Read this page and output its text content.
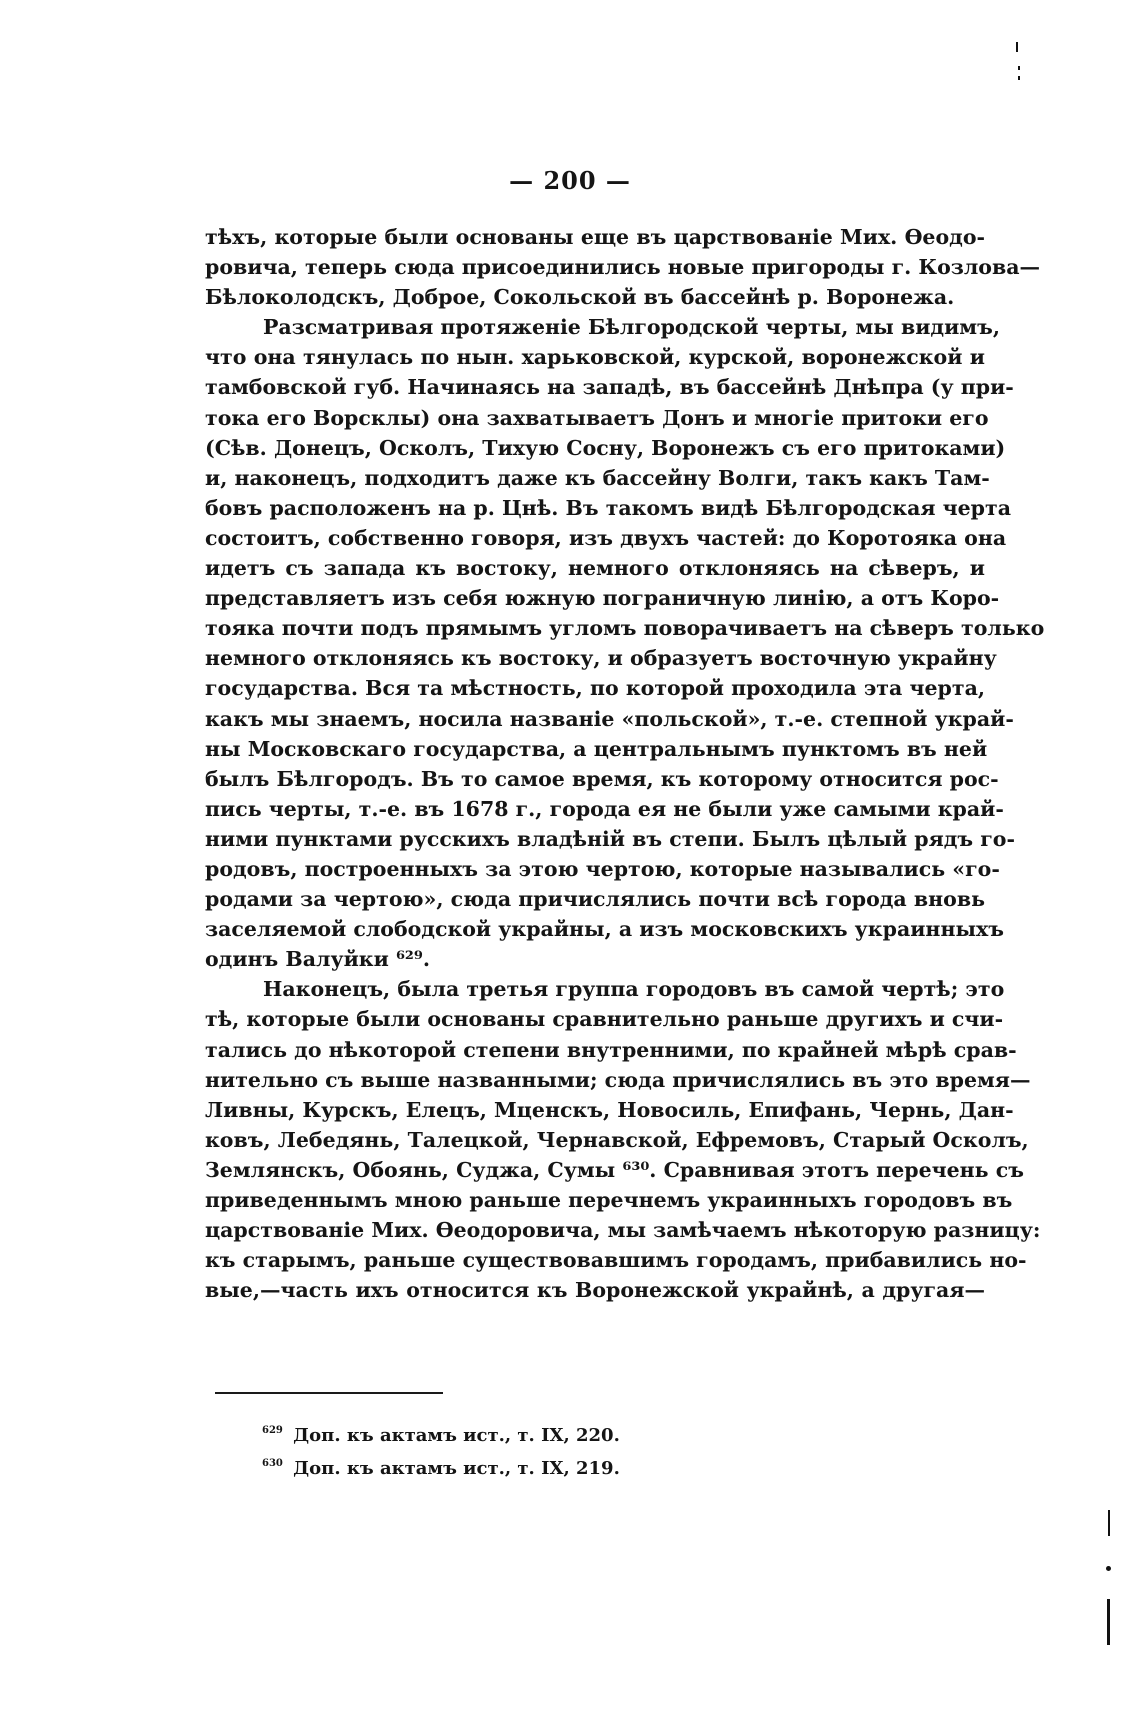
— 200 —
тѣхъ, которые были основаны еще въ царствованіе Мих. Ѳеодо-
ровича, теперь сюда присоединились новые пригороды г. Козлова—
Бѣлоколодскъ, Доброе, Сокольской въ бассейнѣ р. Воронежа.
Разсматривая протяженіе Бѣлгородской черты, мы видимъ,
что она тянулась по нын. харьковской, курской, воронежской и
тамбовской губ. Начинаясь на западѣ, въ бассейнѣ Днѣпра (у при-
тока его Ворсклы) она захватываетъ Донъ и многіе притоки его
(Сѣв. Донецъ, Осколъ, Тихую Сосну, Воронежъ съ его притоками)
и, наконецъ, подходитъ даже къ бассейну Волги, такъ какъ Там-
бовъ расположенъ на р. Цнѣ. Въ такомъ видѣ Бѣлгородская черта
состоитъ, собственно говоря, изъ двухъ частей: до Коротояка она
идетъ съ запада къ востоку, немного отклоняясь на сѣверъ, и
представляетъ изъ себя южную пограничную линію, а отъ Коро-
тояка почти подъ прямымъ угломъ поворачиваетъ на сѣверъ только
немного отклоняясь къ востоку, и образуетъ восточную украйну
государства. Вся та мѣстность, по которой проходила эта черта,
какъ мы знаемъ, носила названіе «польской», т.-е. степной украй-
ны Московскаго государства, а центральнымъ пунктомъ въ ней
былъ Бѣлгородъ. Въ то самое время, къ которому относится рос-
пись черты, т.-е. въ 1678 г., города ея не были уже самыми край-
ними пунктами русскихъ владѣній въ степи. Былъ цѣлый рядъ го-
родовъ, построенныхъ за этою чертою, которые назывались «го-
родами за чертою», сюда причислялись почти всѣ города вновь
заселяемой слободской украйны, а изъ московскихъ украинныхъ
одинъ Валуйки ⁶²⁹.
Наконецъ, была третья группа городовъ въ самой чертѣ; это
тѣ, которые были основаны сравнительно раньше другихъ и счи-
тались до нѣкоторой степени внутренними, по крайней мѣрѣ срав-
нительно съ выше названными; сюда причислялись въ это время—
Ливны, Курскъ, Елецъ, Мценскъ, Новосиль, Епифань, Чернь, Дан-
ковъ, Лебедянь, Талецкой, Чернавской, Ефремовъ, Старый Осколъ,
Землянскъ, Обоянь, Суджа, Сумы ⁶³⁰. Сравнивая этотъ перечень съ
приведеннымъ мною раньше перечнемъ украинныхъ городовъ въ
царствованіе Мих. Ѳеодоровича, мы замѣчаемъ нѣкоторую разницу:
къ старымъ, раньше существовавшимъ городамъ, прибавились но-
вые,—часть ихъ относится къ Воронежской украйнѣ, а другая—
$^{629}$ Доп. къ актамъ ист., т. IX, 220.
$^{630}$ Доп. къ актамъ ист., т. IX, 219.
